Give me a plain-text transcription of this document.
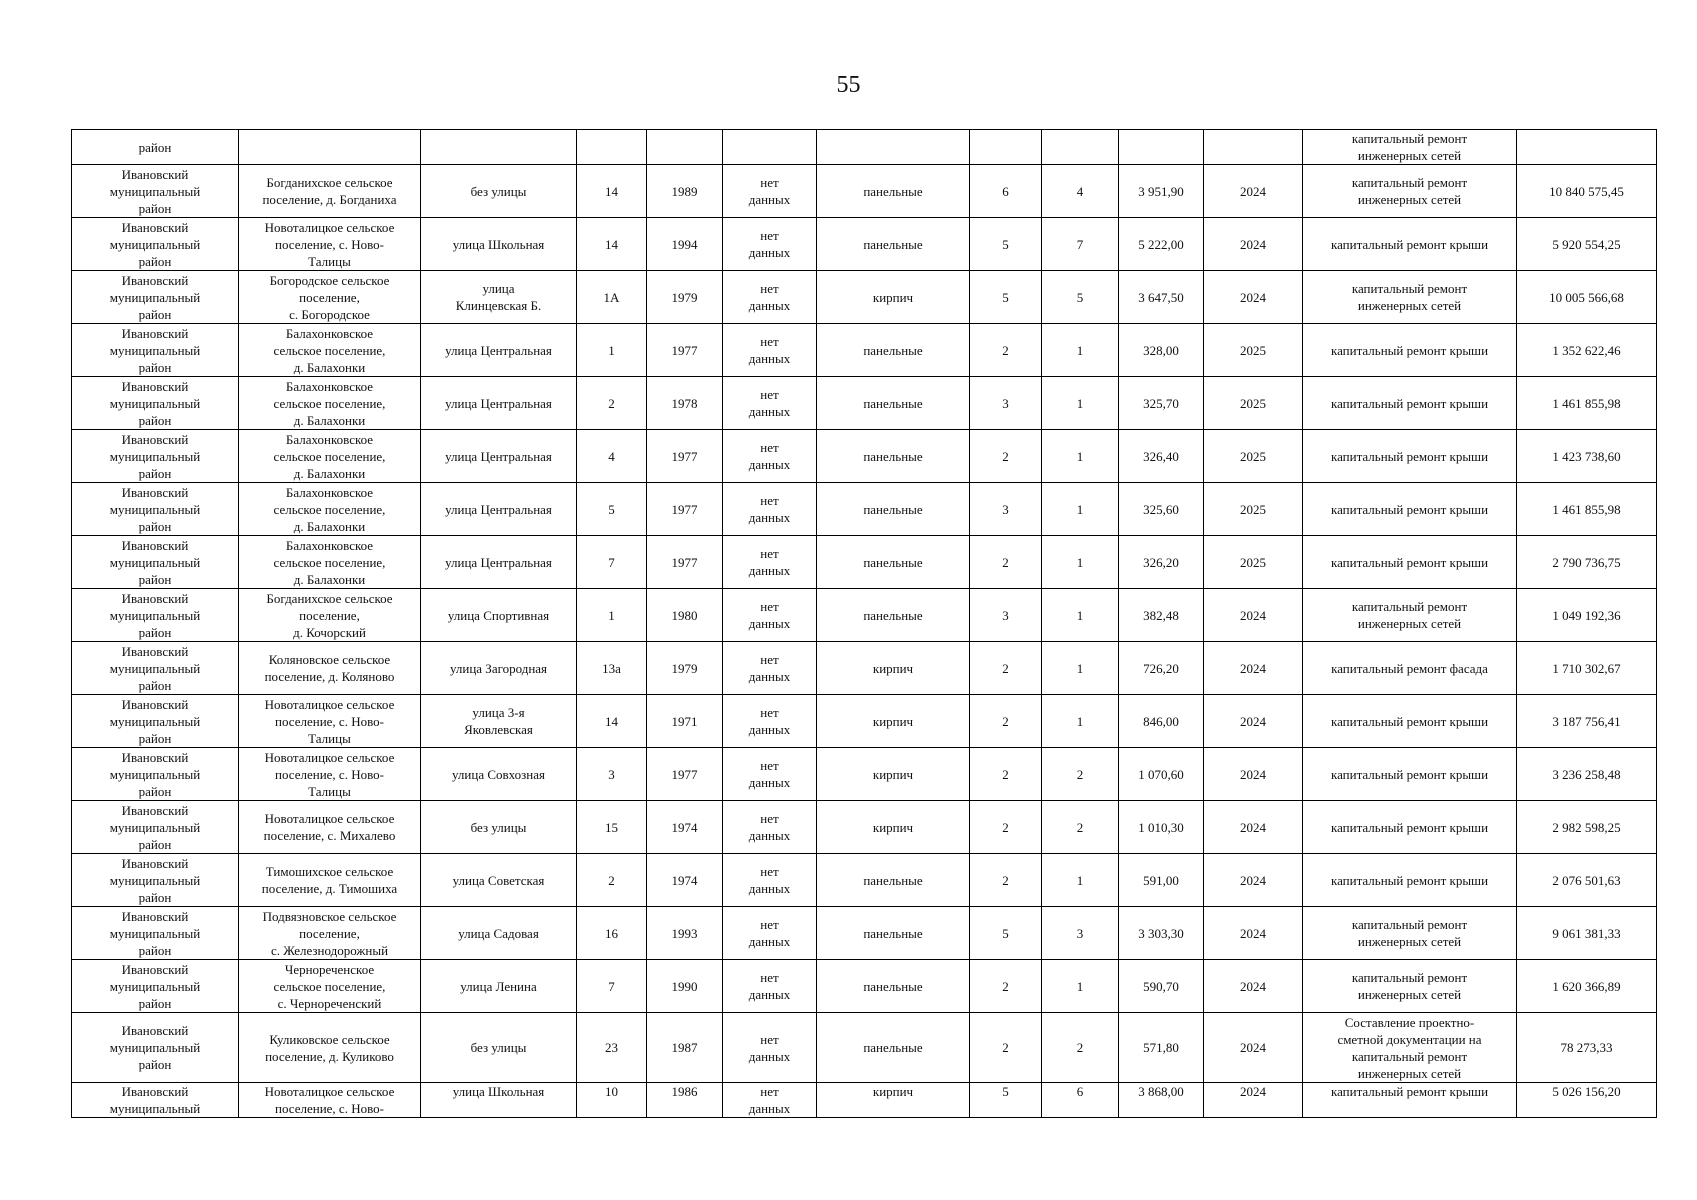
55
район											капитальный ремонт
инженерных сетей	
Ивановский
муниципальный
район	Богданихское сельское
поселение, д. Богданиха	без улицы	14	1989	нет
данных	панельные	6	4	3 951,90	2024	капитальный ремонт
инженерных сетей	10 840 575,45
Ивановский
муниципальный
район	Новоталицкое сельское
поселение, с. Ново-
Талицы	улица Школьная	14	1994	нет
данных	панельные	5	7	5 222,00	2024	капитальный ремонт крыши	5 920 554,25
Ивановский
муниципальный
район	Богородское сельское
поселение,
с. Богородское	улица
Клинцевская Б.	1А	1979	нет
данных	кирпич	5	5	3 647,50	2024	капитальный ремонт
инженерных сетей	10 005 566,68
Ивановский
муниципальный
район	Балахонковское
сельское поселение,
д. Балахонки	улица Центральная	1	1977	нет
данных	панельные	2	1	328,00	2025	капитальный ремонт крыши	1 352 622,46
Ивановский
муниципальный
район	Балахонковское
сельское поселение,
д. Балахонки	улица Центральная	2	1978	нет
данных	панельные	3	1	325,70	2025	капитальный ремонт крыши	1 461 855,98
Ивановский
муниципальный
район	Балахонковское
сельское поселение,
д. Балахонки	улица Центральная	4	1977	нет
данных	панельные	2	1	326,40	2025	капитальный ремонт крыши	1 423 738,60
Ивановский
муниципальный
район	Балахонковское
сельское поселение,
д. Балахонки	улица Центральная	5	1977	нет
данных	панельные	3	1	325,60	2025	капитальный ремонт крыши	1 461 855,98
Ивановский
муниципальный
район	Балахонковское
сельское поселение,
д. Балахонки	улица Центральная	7	1977	нет
данных	панельные	2	1	326,20	2025	капитальный ремонт крыши	2 790 736,75
Ивановский
муниципальный
район	Богданихское сельское
поселение,
д. Кочорский	улица Спортивная	1	1980	нет
данных	панельные	3	1	382,48	2024	капитальный ремонт
инженерных сетей	1 049 192,36
Ивановский
муниципальный
район	Коляновское сельское
поселение, д. Коляново	улица Загородная	13а	1979	нет
данных	кирпич	2	1	726,20	2024	капитальный ремонт фасада	1 710 302,67
Ивановский
муниципальный
район	Новоталицкое сельское
поселение, с. Ново-
Талицы	улица 3-я
Яковлевская	14	1971	нет
данных	кирпич	2	1	846,00	2024	капитальный ремонт крыши	3 187 756,41
Ивановский
муниципальный
район	Новоталицкое сельское
поселение, с. Ново-
Талицы	улица Совхозная	3	1977	нет
данных	кирпич	2	2	1 070,60	2024	капитальный ремонт крыши	3 236 258,48
Ивановский
муниципальный
район	Новоталицкое сельское
поселение, с. Михалево	без улицы	15	1974	нет
данных	кирпич	2	2	1 010,30	2024	капитальный ремонт крыши	2 982 598,25
Ивановский
муниципальный
район	Тимошихское сельское
поселение, д. Тимошиха	улица Советская	2	1974	нет
данных	панельные	2	1	591,00	2024	капитальный ремонт крыши	2 076 501,63
Ивановский
муниципальный
район	Подвязновское сельское
поселение,
с. Железнодорожный	улица Садовая	16	1993	нет
данных	панельные	5	3	3 303,30	2024	капитальный ремонт
инженерных сетей	9 061 381,33
Ивановский
муниципальный
район	Чернореченское
сельское поселение,
с. Чернореченский	улица Ленина	7	1990	нет
данных	панельные	2	1	590,70	2024	капитальный ремонт
инженерных сетей	1 620 366,89
Ивановский
муниципальный
район	Куликовское сельское
поселение, д. Куликово	без улицы	23	1987	нет
данных	панельные	2	2	571,80	2024	Составление проектно-
сметной документации на
капитальный ремонт
инженерных сетей	78 273,33
Ивановский
муниципальный	Новоталицкое сельское
поселение, с. Ново-	улица Школьная	10	1986	нет
данных	кирпич	5	6	3 868,00	2024	капитальный ремонт крыши	5 026 156,20
